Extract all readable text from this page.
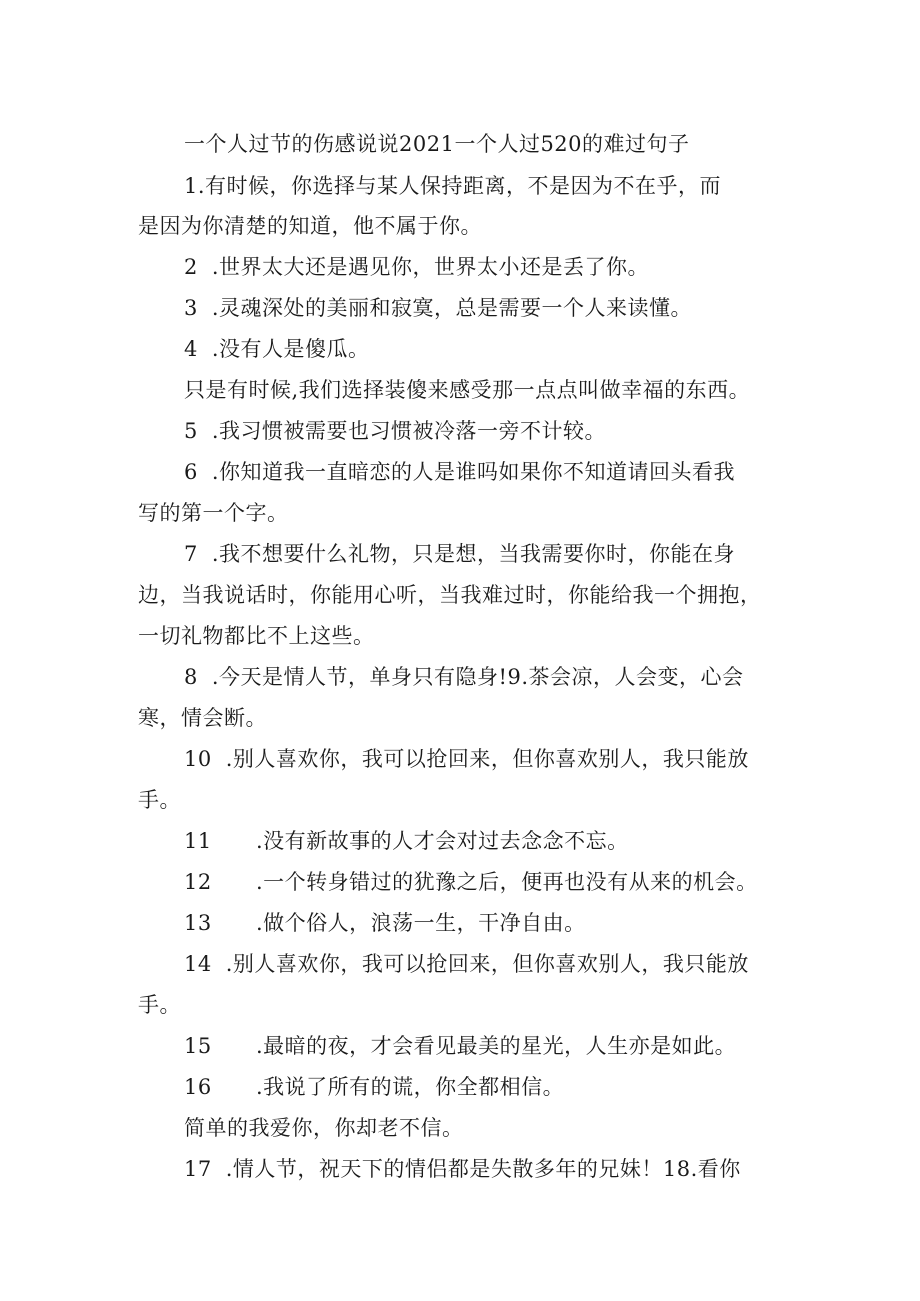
一个人过节的伤感说说2021一个人过520的难过句子
1.有时候，你选择与某人保持距离，不是因为不在乎，而
是因为你清楚的知道，他不属于你。
2 .世界太大还是遇见你，世界太小还是丢了你。
3 .灵魂深处的美丽和寂寞，总是需要一个人来读懂。
4 .没有人是傻瓜。
只是有时候,我们选择装傻来感受那一点点叫做幸福的东西。
5 .我习惯被需要也习惯被冷落一旁不计较。
6 .你知道我一直暗恋的人是谁吗如果你不知道请回头看我
写的第一个字。
7 .我不想要什么礼物，只是想，当我需要你时，你能在身
边，当我说话时，你能用心听，当我难过时，你能给我一个拥抱，
一切礼物都比不上这些。
8 .今天是情人节，单身只有隐身!9.茶会凉，人会变，心会
寒，情会断。
10 .别人喜欢你，我可以抢回来，但你喜欢别人，我只能放
手。
11 .没有新故事的人才会对过去念念不忘。
12 .一个转身错过的犹豫之后，便再也没有从来的机会。
13 .做个俗人，浪荡一生，干净自由。
14 .别人喜欢你，我可以抢回来，但你喜欢别人，我只能放
手。
15 .最暗的夜，才会看见最美的星光，人生亦是如此。
16 .我说了所有的谎，你全都相信。
简单的我爱你，你却老不信。
17 .情人节，祝天下的情侣都是失散多年的兄妹！18.看你
